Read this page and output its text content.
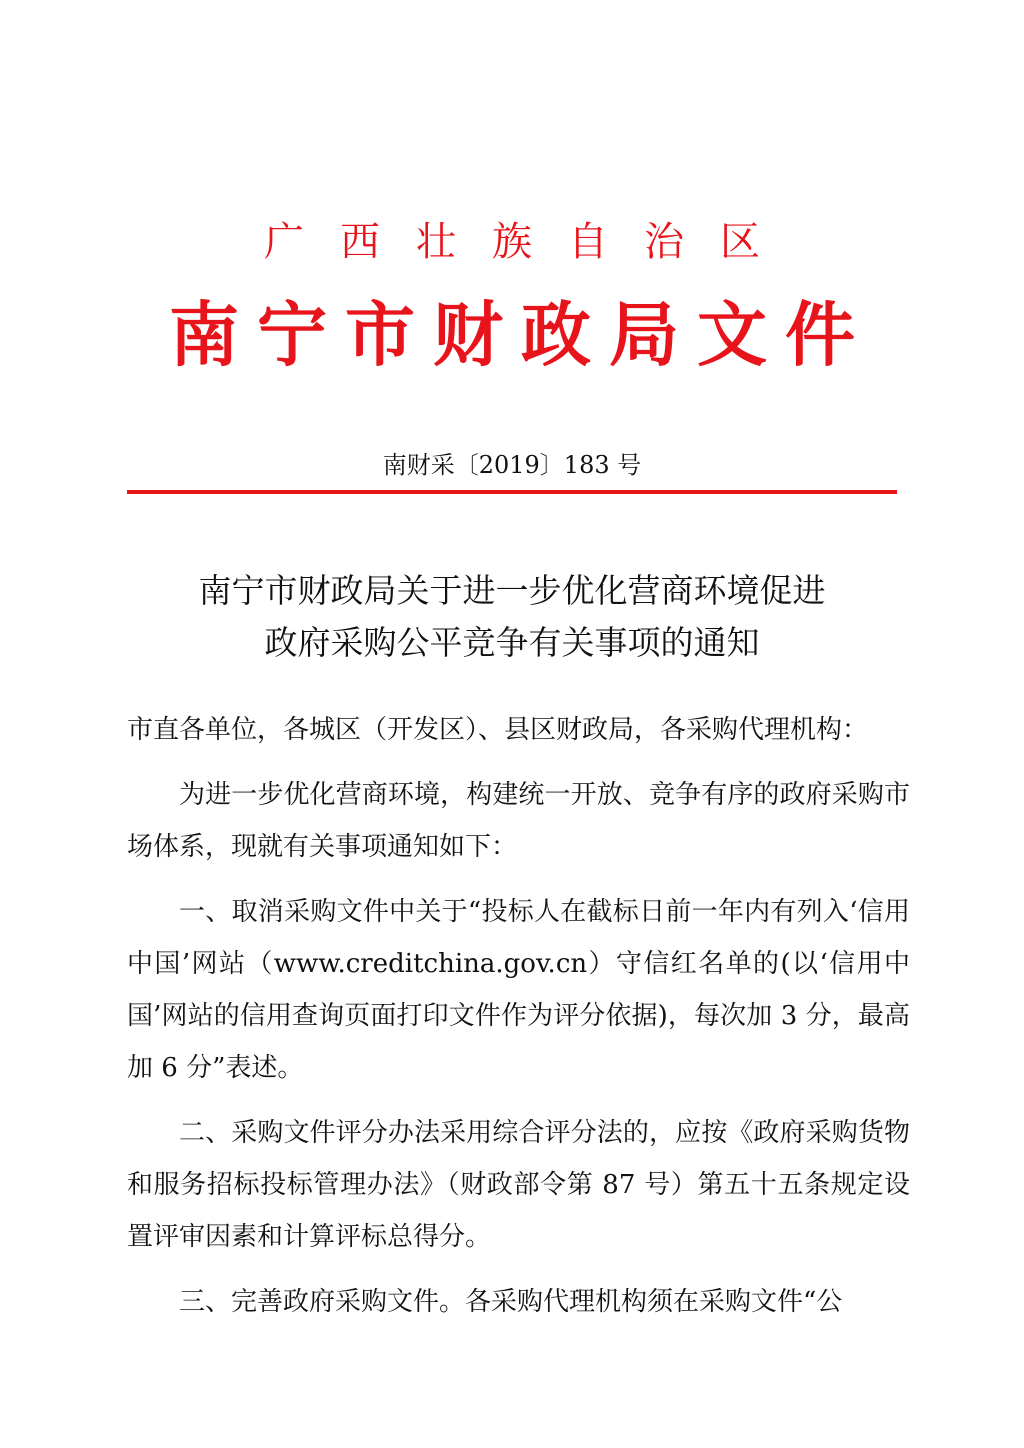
广西壮族自治区
南宁市财政局文件
南财采〔2019〕183 号
南宁市财政局关于进一步优化营商环境促进
政府采购公平竞争有关事项的通知

市直各单位，各城区（开发区）、县区财政局，各采购代理机构：

为进一步优化营商环境，构建统一开放、竞争有序的政府采购市场体系，现就有关事项通知如下：

一、取消采购文件中关于“投标人在截标日前一年内有列入‘信用中国’网站（www.creditchina.gov.cn）守信红名单的(以‘信用中国’网站的信用查询页面打印文件作为评分依据)，每次加 3 分，最高加 6 分”表述。

二、采购文件评分办法采用综合评分法的，应按《政府采购货物和服务招标投标管理办法》（财政部令第 87 号）第五十五条规定设置评审因素和计算评标总得分。

三、完善政府采购文件。各采购代理机构须在采购文件“公
